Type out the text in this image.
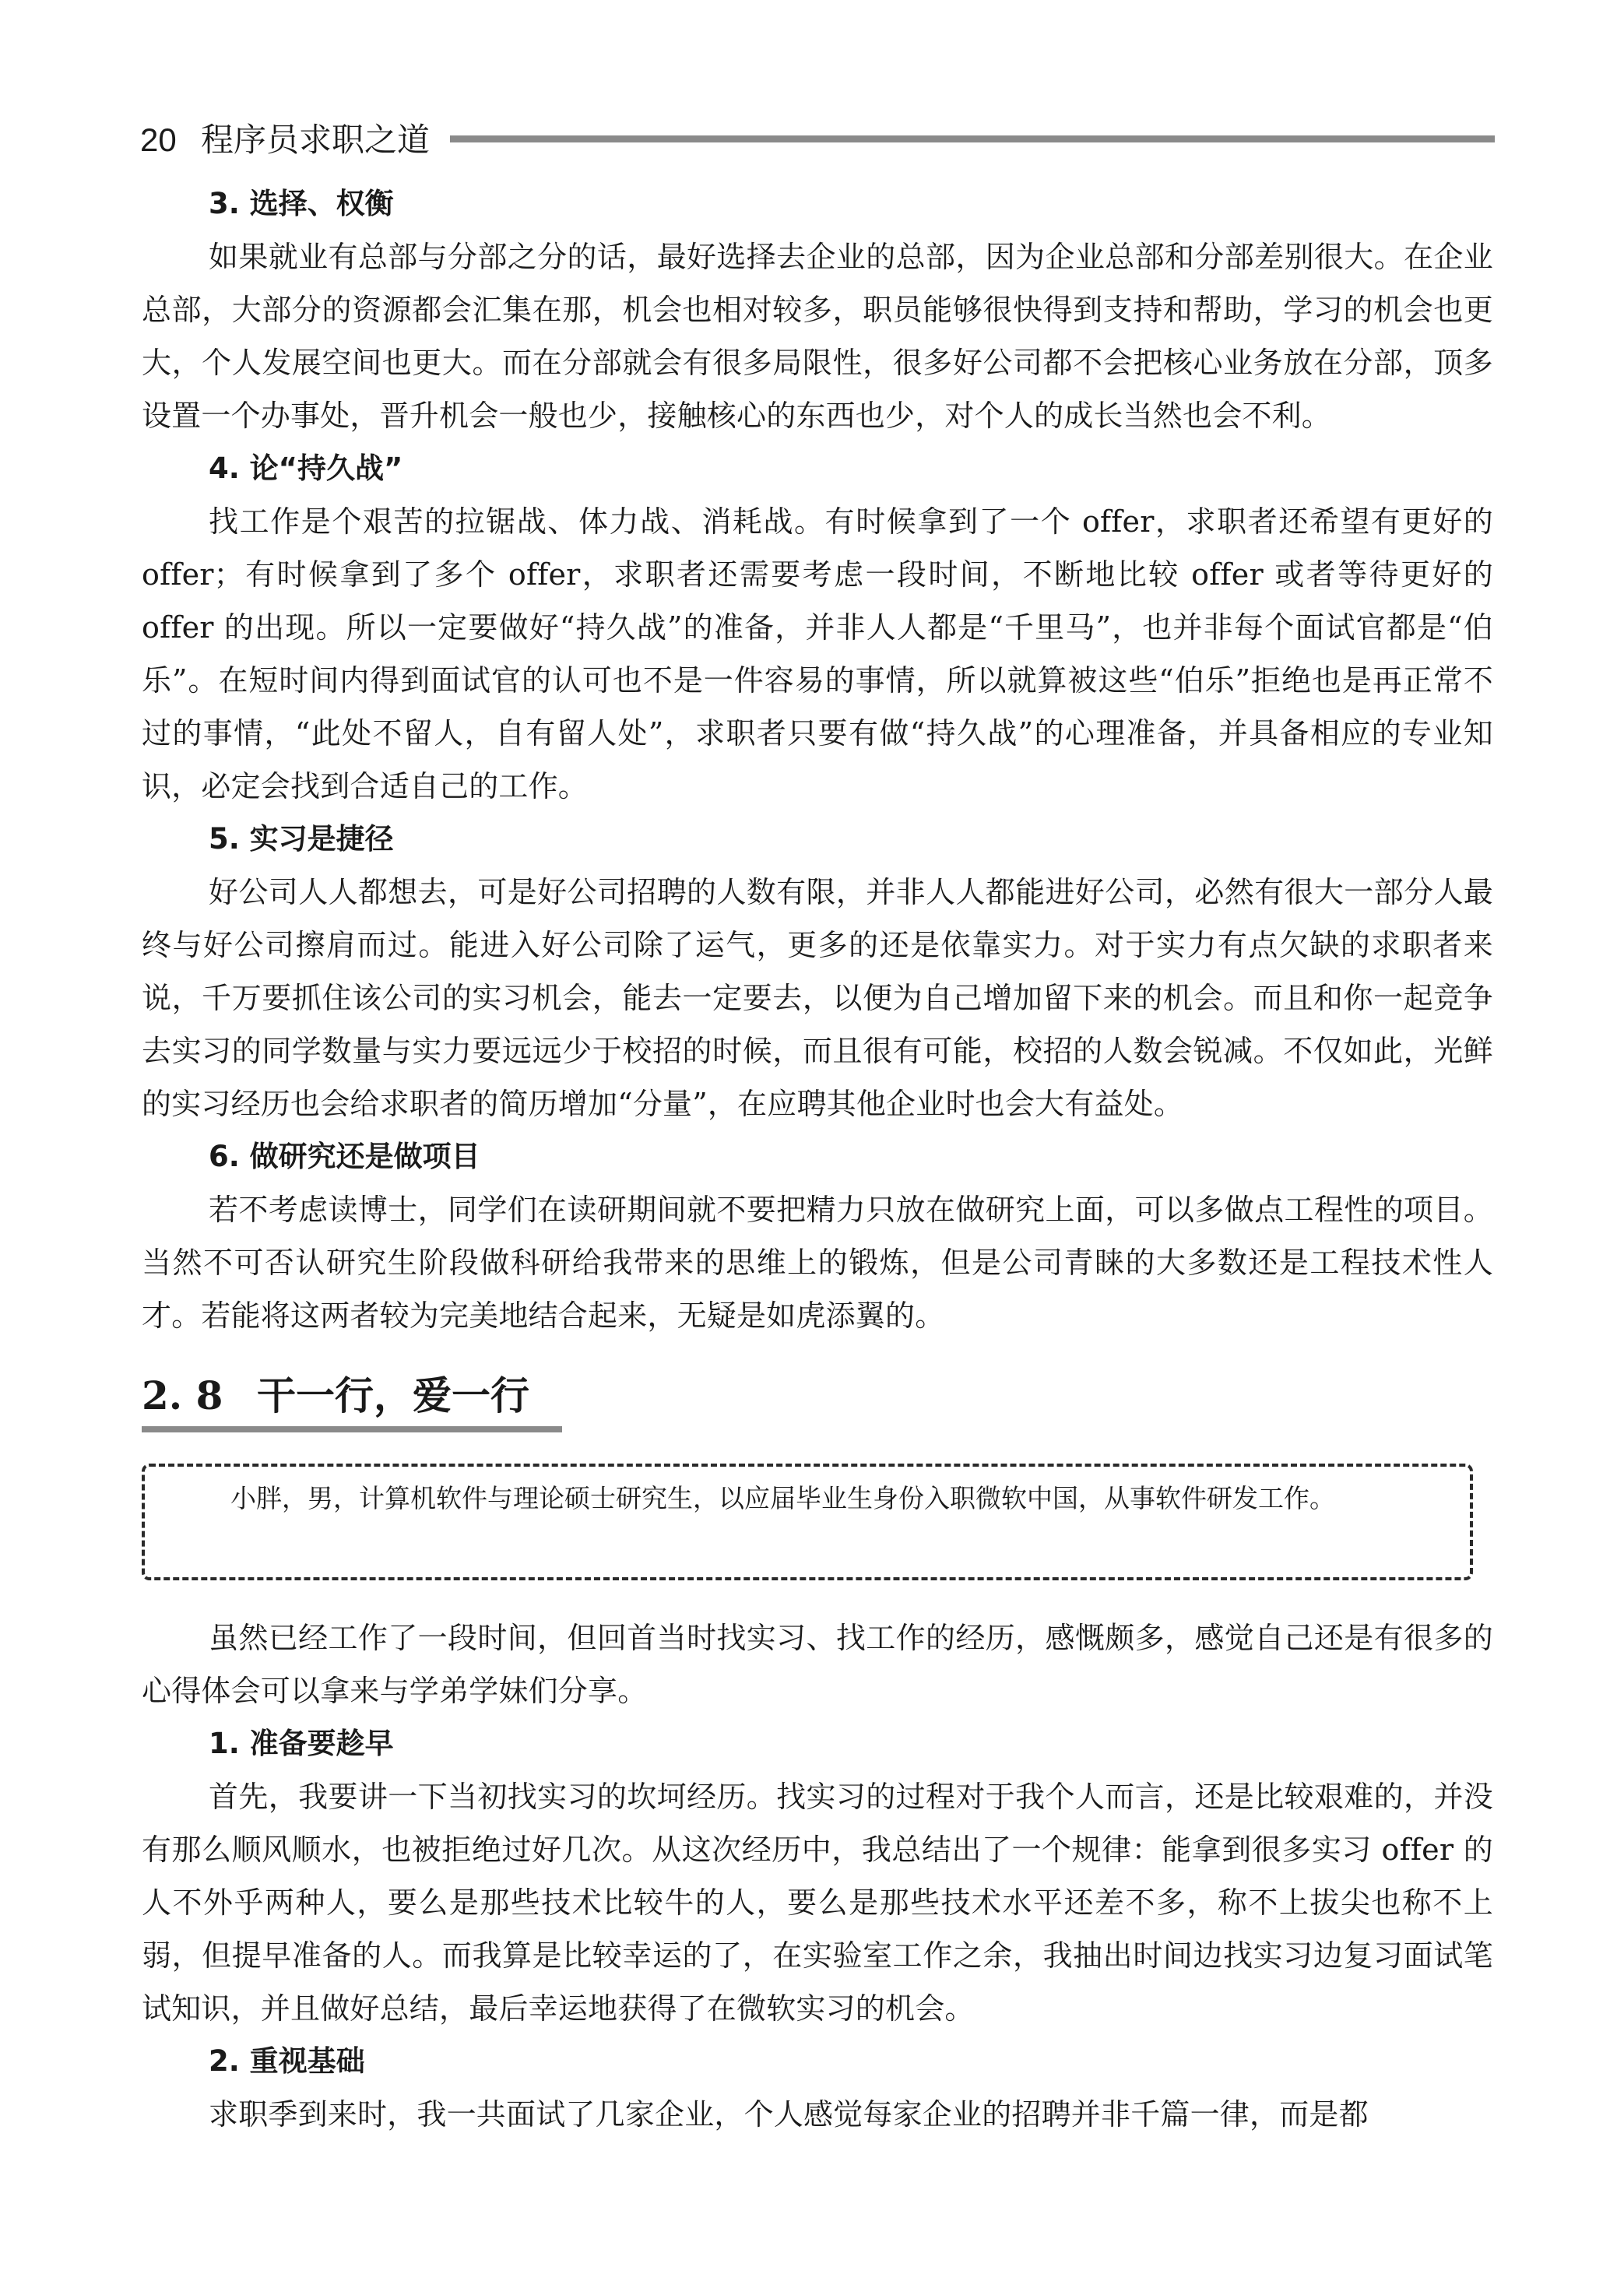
20 程序员求职之道

3. 选择、权衡

如果就业有总部与分部之分的话，最好选择去企业的总部，因为企业总部和分部差别很大。在企业总部，大部分的资源都会汇集在那，机会也相对较多，职员能够很快得到支持和帮助，学习的机会也更大，个人发展空间也更大。而在分部就会有很多局限性，很多好公司都不会把核心业务放在分部，顶多设置一个办事处，晋升机会一般也少，接触核心的东西也少，对个人的成长当然也会不利。

4. 论“持久战”

找工作是个艰苦的拉锯战、体力战、消耗战。有时候拿到了一个 offer，求职者还希望有更好的 offer；有时候拿到了多个 offer，求职者还需要考虑一段时间，不断地比较 offer 或者等待更好的 offer 的出现。所以一定要做好“持久战”的准备，并非人人都是“千里马”，也并非每个面试官都是“伯乐”。在短时间内得到面试官的认可也不是一件容易的事情，所以就算被这些“伯乐”拒绝也是再正常不过的事情，“此处不留人，自有留人处”，求职者只要有做“持久战”的心理准备，并具备相应的专业知识，必定会找到合适自己的工作。

5. 实习是捷径

好公司人人都想去，可是好公司招聘的人数有限，并非人人都能进好公司，必然有很大一部分人最终与好公司擦肩而过。能进入好公司除了运气，更多的还是依靠实力。对于实力有点欠缺的求职者来说，千万要抓住该公司的实习机会，能去一定要去，以便为自己增加留下来的机会。而且和你一起竞争去实习的同学数量与实力要远远少于校招的时候，而且很有可能，校招的人数会锐减。不仅如此，光鲜的实习经历也会给求职者的简历增加“分量”，在应聘其他企业时也会大有益处。

6. 做研究还是做项目

若不考虑读博士，同学们在读研期间就不要把精力只放在做研究上面，可以多做点工程性的项目。当然不可否认研究生阶段做科研给我带来的思维上的锻炼，但是公司青睐的大多数还是工程技术性人才。若能将这两者较为完美地结合起来，无疑是如虎添翼的。

2. 8 干一行，爱一行

小胖，男，计算机软件与理论硕士研究生，以应届毕业生身份入职微软中国，从事软件研发工作。

虽然已经工作了一段时间，但回首当时找实习、找工作的经历，感慨颇多，感觉自己还是有很多的心得体会可以拿来与学弟学妹们分享。

1. 准备要趁早

首先，我要讲一下当初找实习的坎坷经历。找实习的过程对于我个人而言，还是比较艰难的，并没有那么顺风顺水，也被拒绝过好几次。从这次经历中，我总结出了一个规律：能拿到很多实习 offer 的人不外乎两种人，要么是那些技术比较牛的人，要么是那些技术水平还差不多，称不上拔尖也称不上弱，但提早准备的人。而我算是比较幸运的了，在实验室工作之余，我抽出时间边找实习边复习面试笔试知识，并且做好总结，最后幸运地获得了在微软实习的机会。

2. 重视基础

求职季到来时，我一共面试了几家企业，个人感觉每家企业的招聘并非千篇一律，而是都
